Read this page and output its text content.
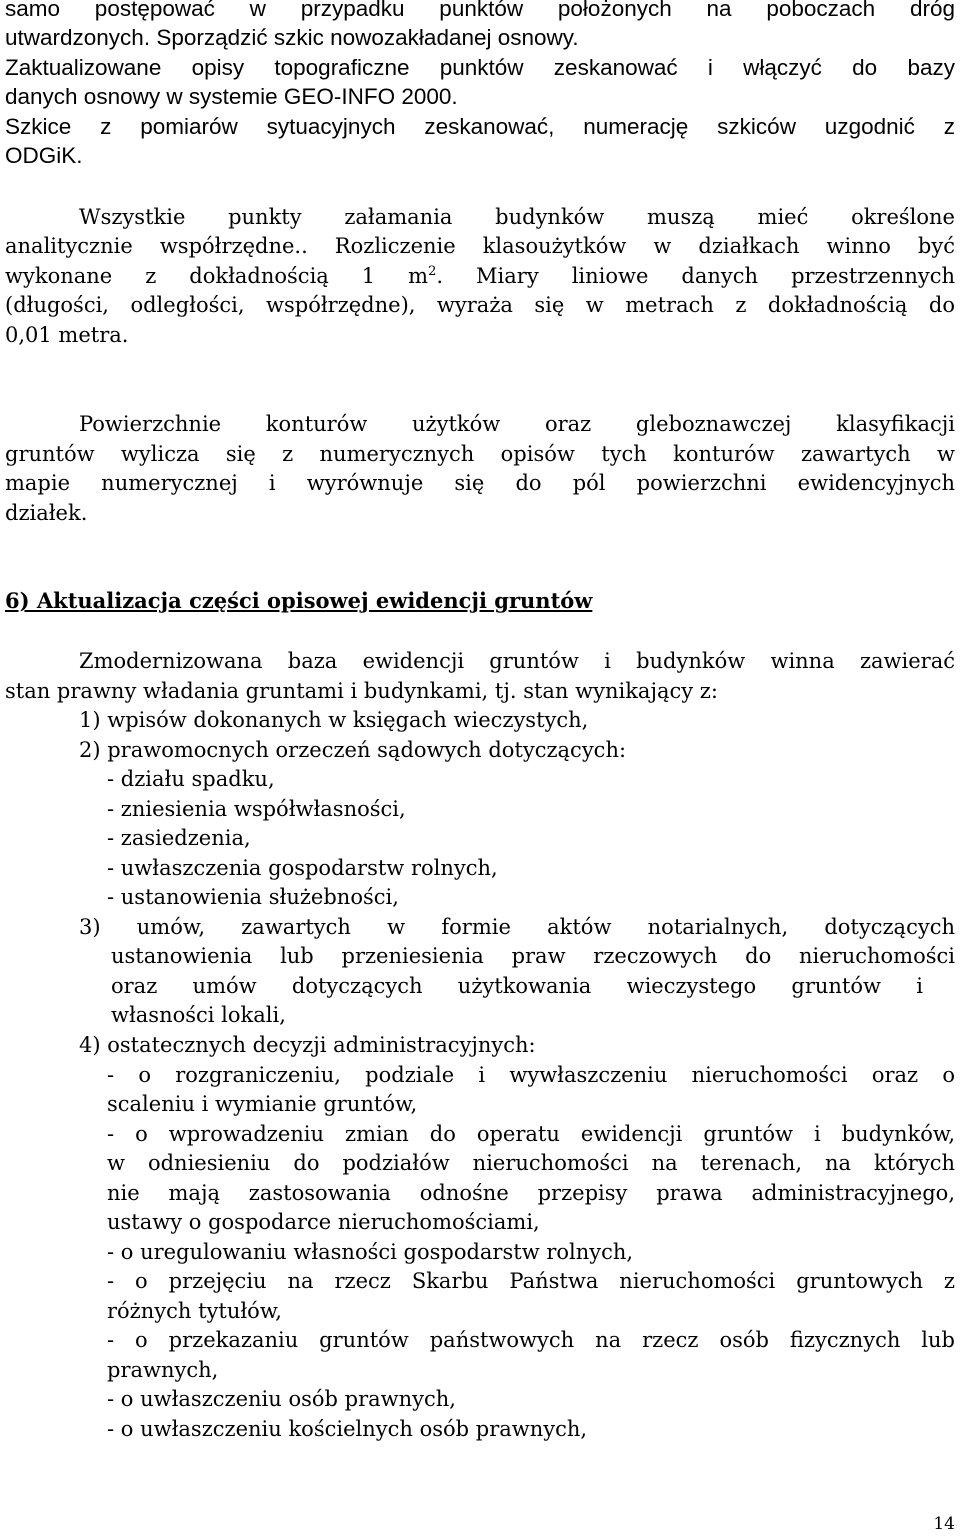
samo postępować w przypadku punktów położonych na poboczach dróg
utwardzonych. Sporządzić szkic nowozakładanej osnowy.
Zaktualizowane opisy topograficzne punktów zeskanować i włączyć do bazy
danych osnowy w systemie GEO-INFO 2000.
Szkice z pomiarów sytuacyjnych zeskanować, numerację szkiców uzgodnić z
ODGiK.
Wszystkie punkty załamania budynków muszą mieć określone
analitycznie współrzędne.. Rozliczenie klasoużytków w działkach winno być
wykonane z dokładnością 1 $m^2$. Miary liniowe danych przestrzennych
(długości, odległości, współrzędne), wyraża się w metrach z dokładnością do
0,01 metra.
Powierzchnie konturów użytków oraz gleboznawczej klasyfikacji
gruntów wylicza się z numerycznych opisów tych konturów zawartych w
mapie numerycznej i wyrównuje się do pól powierzchni ewidencyjnych
działek.
6) Aktualizacja części opisowej ewidencji gruntów
Zmodernizowana baza ewidencji gruntów i budynków winna zawierać
stan prawny władania gruntami i budynkami, tj. stan wynikający z:
1) wpisów dokonanych w księgach wieczystych,
2) prawomocnych orzeczeń sądowych dotyczących:
- działu spadku,
- zniesienia współwłasności,
- zasiedzenia,
- uwłaszczenia gospodarstw rolnych,
- ustanowienia służebności,
3) umów, zawartych w formie aktów notarialnych, dotyczących
ustanowienia lub przeniesienia praw rzeczowych do nieruchomości
oraz umów dotyczących użytkowania wieczystego gruntów i
własności lokali,
4) ostatecznych decyzji administracyjnych:
- o rozgraniczeniu, podziale i wywłaszczeniu nieruchomości oraz o
scaleniu i wymianie gruntów,
- o wprowadzeniu zmian do operatu ewidencji gruntów i budynków,
w odniesieniu do podziałów nieruchomości na terenach, na których
nie mają zastosowania odnośne przepisy prawa administracyjnego,
ustawy o gospodarce nieruchomościami,
- o uregulowaniu własności gospodarstw rolnych,
- o przejęciu na rzecz Skarbu Państwa nieruchomości gruntowych z
różnych tytułów,
- o przekazaniu gruntów państwowych na rzecz osób fizycznych lub
prawnych,
- o uwłaszczeniu osób prawnych,
- o uwłaszczeniu kościelnych osób prawnych,
14
